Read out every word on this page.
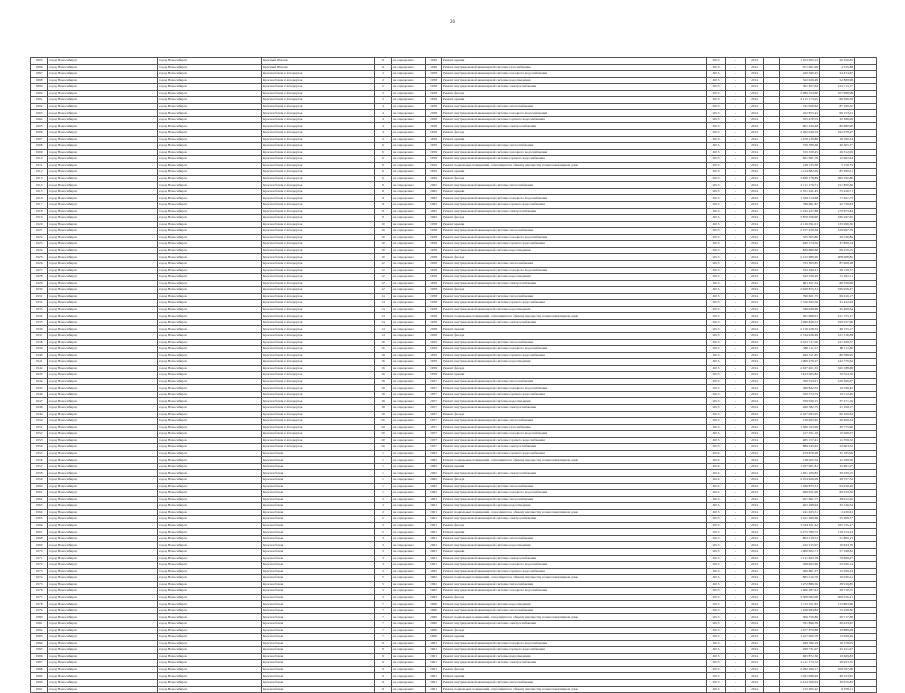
26
1895	город Новосибирск	город Новосибирск	Красный Яблоня	11	не определено	1949	Ремонт крыши	2013	-	2014		1 254 065,14	20 350,85	
1896	город Новосибирск	город Новосибирск	Красный Яблоня	11	не определено	1949	Ремонт внутридомовой инженерной системы газоснабжения	2013	-	2014		971 661,90	4 315,88	
1897	город Новосибирск	город Новосибирск	Краснообская 2-й переулок	2	не определено	1958	Ремонт внутридомовой инженерной системы холодного водоснабжения	2015	-	2014		160 590,45	24 474,67	
1898	город Новосибирск	город Новосибирск	Краснообская 2-й переулок	2	не определено	1958	Ремонт внутридомовой инженерной системы водоотведения	2015	-	2014		322 626,48	52 808,98	
1899	город Новосибирск	город Новосибирск	Краснообская 2-й переулок	2	не определено	1958	Ремонт внутридомовой инженерной системы электроснабжения	2015	-	2014		361 457,64	124 713,77	
1900	город Новосибирск	город Новосибирск	Краснообская 2-й переулок	2	не определено	1958	Ремонт фасада	2013	-	2014		2 089 554,60	107 998,98	
1901	город Новосибирск	город Новосибирск	Краснообская 2-й переулок	2	не определено	1958	Ремонт крыши	2013	-	2014		4 115 173,05	68 306,39	
1902	город Новосибирск	город Новосибирск	Краснообская 2-й переулок	4	не определено	1958	Ремонт внутридомовой инженерной системы теплоснабжения	2013	-	2014		741 926,62	87 106,22	
1903	город Новосибирск	город Новосибирск	Краснообская 2-й переулок	4	не определено	1958	Ремонт внутридомовой инженерной системы холодного водоснабжения	2015	-	2014		162 853,43	98 153,01	
1904	город Новосибирск	город Новосибирск	Краснообская 2-й переулок	4	не определено	1958	Ремонт внутридомовой инженерной системы горячего водоснабжения	2015	-	2014		325 470,55	32 386,06	
1905	город Новосибирск	город Новосибирск	Краснообская 2-й переулок	4	не определено	1958	Ремонт внутридомовой инженерной системы электроснабжения	2015	-	2014		961 220,48	86 686,90	
1906	город Новосибирск	город Новосибирск	Краснообская 2-й переулок	4	не определено	1958	Ремонт фасада	2013	-	2014		2 262 049,19	192 079,47	
1907	город Новосибирск	город Новосибирск	Краснообская 2-й переулок	4	не определено	1958	Ремонт крыши	2013	-	2014		1 479 139,80	18 700,54	
1908	город Новосибирск	город Новосибирск	Краснообская 2-й переулок	6	не определено	1959	Ремонт внутридомовой инженерной системы теплоснабжения	2015	-	2014		720 789,66	49 305,77	
1909	город Новосибирск	город Новосибирск	Краснообская 2-й переулок	6	не определено	1959	Ремонт внутридомовой инженерной системы холодного водоснабжения	2015	-	2014		315 330,45	26 512,09	
1910	город Новосибирск	город Новосибирск	Краснообская 2-й переулок	6	не определено	1959	Ремонт внутридомовой инженерной системы горячего водоснабжения	2015	-	2014		491 091,79	12 962,44	
1911	город Новосибирск	город Новосибирск	Краснообская 2-й переулок	6	не определено	1959	Ремонт подвальных помещений, относящихся к общему имуществу в многоквартирном доме	2015	-	2014		148 135,38	5 158,73	
1912	город Новосибирск	город Новосибирск	Краснообская 2-й переулок	6	не определено	1959	Ремонт крыши	2013	-	2014		1 214 882,09	85 360,01	
1913	город Новосибирск	город Новосибирск	Краснообская 2-й переулок	6	не определено	1959	Ремонт фасада	2013	-	2014		3 836 178,89	269 192,89	
1914	город Новосибирск	город Новосибирск	Краснообская 2-й переулок	8	не определено	1962	Ремонт внутридомовой инженерной системы теплоснабжения	2015	-	2014		2 111 179,71	151 850,66	
1915	город Новосибирск	город Новосибирск	Краснообская 2-й переулок	8	не определено	1962	Ремонт крыши	2015	-	2014		2 551 241,43	75 226,71	
1916	город Новосибирск	город Новосибирск	Краснообская 2-й переулок	8	не определено	1962	Ремонт внутридомовой инженерной системы холодного водоснабжения	2015	-	2014		1 339 314,68	71 941,73	
1917	город Новосибирск	город Новосибирск	Краснообская 2-й переулок	8	не определено	1962	Ремонт внутридомовой инженерной системы горячего водоснабжения	2015	-	2014		796 661,87	42 736,63	
1918	город Новосибирск	город Новосибирск	Краснообская 2-й переулок	8	не определено	1962	Ремонт внутридомовой инженерной системы электроснабжения	2015	-	2014		2 192 227,88	170 673,84	
1919	город Новосибирск	город Новосибирск	Краснообская 2-й переулок	8	не определено	1962	Ремонт фасада	2015	-	2014		3 876 558,90	330 297,05	
1920	город Новосибирск	город Новосибирск	Краснообская 2-й переулок	10	не определено	1958	Ремонт крыши	2015	-	2014		4 116 591,01	133 296,56	
1921	город Новосибирск	город Новосибирск	Краснообская 2-й переулок	10	не определено	1958	Ремонт внутридомовой инженерной системы теплоснабжения	2015	-	2014		2 237 458,39	129 997,79	
1922	город Новосибирск	город Новосибирск	Краснообская 2-й переулок	10	не определено	1958	Ремонт внутридомовой инженерной системы холодного водоснабжения	2015	-	2014		325 305,86	26 536,80	
1923	город Новосибирск	город Новосибирск	Краснообская 2-й переулок	10	не определено	1958	Ремонт внутридомовой инженерной системы горячего водоснабжения	2015	-	2014		640 174,50	37 858,14	
1924	город Новосибирск	город Новосибирск	Краснообская 2-й переулок	10	не определено	1958	Ремонт внутридомовой инженерной системы водоотведения	2015	-	2014		826 880,66	69 470,15	
1925	город Новосибирск	город Новосибирск	Краснообская 2-й переулок	10	не определено	1958	Ремонт фасада	2015	-	2014		2 212 680,00	308 968,85	
1926	город Новосибирск	город Новосибирск	Краснообская 2-й переулок	12	не определено	1958	Ремонт внутридомовой инженерной системы теплоснабжения	2015	-	2014		755 363,85	87 008,58	
1927	город Новосибирск	город Новосибирск	Краснообская 2-й переулок	12	не определено	1958	Ремонт внутридомовой инженерной системы холодного водоснабжения	2015	-	2014		192 299,41	28 139,57	
1928	город Новосибирск	город Новосибирск	Краснообская 2-й переулок	12	не определено	1958	Ремонт внутридомовой инженерной системы водоотведения	2015	-	2014		342 256,49	31 262,11	
1929	город Новосибирск	город Новосибирск	Краснообская 2-й переулок	12	не определено	1958	Ремонт внутридомовой инженерной системы электроснабжения	2015	-	2014		961 811,34	89 358,08	
1930	город Новосибирск	город Новосибирск	Краснообская 2-й переулок	12	не определено	1958	Ремонт фасада	2015	-	2014		2 949 875,31	336 059,47	
1931	город Новосибирск	город Новосибирск	Краснообская 2-й переулок	14	не определено	1958	Ремонт внутридомовой инженерной системы теплоснабжения	2015	-	2014		790 001,73	69 610,17	
1932	город Новосибирск	город Новосибирск	Краснообская 2-й переулок	14	не определено	1958	Ремонт внутридомовой инженерной системы горячего водоснабжения	2015	-	2014		1 310 922,50	31 422,94	
1933	город Новосибирск	город Новосибирск	Краснообская 2-й переулок	14	не определено	1958	Ремонт внутридомовой инженерной системы водоотведения	2015	-	2014		346 948,69	45 408,64	
1934	город Новосибирск	город Новосибирск	Краснообская 2-й переулок	14	не определено	1958	Ремонт подвальных помещений, относящихся к общему имуществу в многоквартирном доме	2015	-	2014		561 998,91	121 753,17	
1935	город Новосибирск	город Новосибирск	Краснообская 2-й переулок	14	не определено	1958	Ремонт внутридомовой инженерной системы электроснабжения	2015	-	2014		1 090 826,53	259 357,96	
1936	город Новосибирск	город Новосибирск	Краснообская 2-й переулок	14	не определено	1958	Ремонт крыши	2015	-	2014		2 716 228,53	48 155,17	
1937	город Новосибирск	город Новосибирск	Краснообская 2-й переулок	14	не определено	1958	Ремонт фасада	2015	-	2014		2 744 026,49	121 516,38	
1938	город Новосибирск	город Новосибирск	Краснообская 2-й переулок	16	не определено	1959	Ремонт внутридомовой инженерной системы теплоснабжения	2015	-	2014		2 103 717,00	121 959,37	
1939	город Новосибирск	город Новосибирск	Краснообская 2-й переулок	16	не определено	1959	Ремонт внутридомовой инженерной системы холодного водоснабжения	2015	-	2014		380 111,57	80 111,66	
1940	город Новосибирск	город Новосибирск	Краснообская 2-й переулок	16	не определено	1959	Ремонт внутридомовой инженерной системы горячего водоснабжения	2015	-	2014		640 511,85	86 586,95	
1941	город Новосибирск	город Новосибирск	Краснообская 2-й переулок	16	не определено	1959	Ремонт внутридомовой инженерной системы водоотведения	2015	-	2014		1 906 279,27	143 770,62	
1942	город Новосибирск	город Новосибирск	Краснообская 2-й переулок	16	не определено	1959	Ремонт фасада	2015	-	2014		2 637 401,35	160 188,68	
1943	город Новосибирск	город Новосибирск	Краснообская 2-й переулок	16	не определено	1959	Ремонт крыши	2015	-	2014		1 613 005,82	76 324,76	
1944	город Новосибирск	город Новосибирск	Краснообская 2-й переулок	18	не определено	1957	Ремонт внутридомовой инженерной системы теплоснабжения	2015	-	2014		700 554,21	126 369,07	
1945	город Новосибирск	город Новосибирск	Краснообская 2-й переулок	18	не определено	1957	Ремонт внутридомовой инженерной системы холодного водоснабжения	2015	-	2014		596 842,32	19 798,42	
1946	город Новосибирск	город Новосибирск	Краснообская 2-й переулок	18	не определено	1957	Ремонт внутридомовой инженерной системы горячего водоснабжения	2015	-	2014		520 574,74	19 512,49	
1947	город Новосибирск	город Новосибирск	Краснообская 2-й переулок	18	не определено	1957	Ремонт внутридомовой инженерной системы водоотведения	2015	-	2014		359 930,15	37 271,19	
1948	город Новосибирск	город Новосибирск	Краснообская 2-й переулок	18	не определено	1957	Ремонт внутридомовой инженерной системы электроснабжения	2015	-	2014		490 582,75	21 106,17	
1949	город Новосибирск	город Новосибирск	Краснообская 2-й переулок	18	не определено	1957	Ремонт фасада	2015	-	2014		2 107 093,05	66 106,64	
1950	город Новосибирск	город Новосибирск	Краснообская 2-й переулок	20	не определено	1957	Ремонт внутридомовой инженерной системы теплоснабжения	2015	-	2014		126 465,65	29 469,54	
1951	город Новосибирск	город Новосибирск	Краснообская 2-й переулок	20	не определено	1957	Ремонт внутридомовой инженерной системы газоснабжения	2015	-	2014		1 580 103,06	30 775,96	
1952	город Новосибирск	город Новосибирск	Краснообская 2-й переулок	20	не определено	1957	Ремонт внутридомовой инженерной системы холодного водоснабжения	2015	-	2014		127 351,19	15 508,27	
1953	город Новосибирск	город Новосибирск	Краснообская 2-й переулок	20	не определено	1957	Ремонт внутридомовой инженерной системы горячего водоснабжения	2015	-	2014		485 157,41	11 359,32	
1954	город Новосибирск	город Новосибирск	Краснообская 2-й переулок	20	не определено	1957	Ремонт внутридомовой инженерной системы электроснабжения	2015	-	2014		889 243,63	24 603,32	
1955	город Новосибирск	город Новосибирск	Краснообская	1	не определено	1962	Ремонт внутридомовой инженерной системы горячего водоснабжения	2014	-	2014		479 876,28	32 185,99	
1956	город Новосибирск	город Новосибирск	Краснообская	1	не определено	1962	Ремонт подвальных помещений, относящихся к общему имуществу в многоквартирном доме	2014	-	2014		138 505,54	12 168,56	
1957	город Новосибирск	город Новосибирск	Краснообская	1	не определено	1962	Ремонт крыши	2014	-	2014		1 037 901,81	33 661,07	
1958	город Новосибирск	город Новосибирск	Краснообская	1	не определено	1962	Ремонт внутридомовой инженерной системы электроснабжения	2014	-	2014		1 201 169,83	39 359,15	
1959	город Новосибирск	город Новосибирск	Краснообская	1	не определено	1962	Ремонт фасада	2014	-	2014		2 254 629,09	28 537,34	
1960	город Новосибирск	город Новосибирск	Краснообская	1	не определено	1962	Ремонт внутридомовой инженерной системы теплоснабжения	2014	-	2014		1 180 875,31	93 456,46	
1961	город Новосибирск	город Новосибирск	Краснообская	1	не определено	1962	Ремонт внутридомовой инженерной системы холодного водоснабжения	2014	-	2014		496 051,96	69 332,56	
1962	город Новосибирск	город Новосибирск	Краснообская	2	не определено	1961	Ремонт внутридомовой инженерной системы теплоснабжения	2015	-	2014		951 691,77	38 912,20	
1963	город Новосибирск	город Новосибирск	Краснообская	2	не определено	1961	Ремонт внутридомовой инженерной системы водоотведения	2015	-	2014		402 298,94	32 146,34	
1964	город Новосибирск	город Новосибирск	Краснообская	2	не определено	1961	Ремонт подвальных помещений, относящихся к общему имуществу в многоквартирном доме	2015	-	2014		241 625,31	2 439,61	
1965	город Новосибирск	город Новосибирск	Краснообская	2	не определено	1961	Ремонт внутридомовой инженерной системы электроснабжения	2015	-	2014		1 011 266,66	55 469,77	
1966	город Новосибирск	город Новосибирск	Краснообская	2	не определено	1961	Ремонт фасада	2015	-	2014		3 164 611,42	165 725,17	
1967	город Новосибирск	город Новосибирск	Краснообская	2	не определено	1961	Ремонт крыши	2015	-	2014		2 275 789,75	118 154,24	
1968	город Новосибирск	город Новосибирск	Краснообская	3	не определено	1961	Ремонт внутридомовой инженерной системы теплоснабжения	2015	-	2014		803 219,53	51 806,13	
1969	город Новосибирск	город Новосибирск	Краснообская	3	не определено	1961	Ремонт внутридомовой инженерной системы водоотведения	2015	-	2014		242 515,97	10 634,76	
1970	город Новосибирск	город Новосибирск	Краснообская	3	не определено	1961	Ремонт крыши	2015	-	2014		1 000 002,71	57 198,82	
1971	город Новосибирск	город Новосибирск	Краснообская	3	не определено	1961	Ремонт внутридомовой инженерной системы электроснабжения	2015	-	2014		1 131 403,78	79 608,07	
1972	город Новосибирск	город Новосибирск	Краснообская	3	не определено	1961	Ремонт внутридомовой инженерной системы холодного водоснабжения	2015	-	2014		399 695,69	52 630,14	
1973	город Новосибирск	город Новосибирск	Краснообская	5	не определено	1962	Ремонт внутридомовой инженерной системы горячего водоснабжения	2015	-	2014		566 861,37	15 208,34	
1974	город Новосибирск	город Новосибирск	Краснообская	5	не определено	1962	Ремонт подвальных помещений, относящихся к общему имуществу в многоквартирном доме	2015	-	2014		865 216,76	16 036,21	
1975	город Новосибирск	город Новосибирск	Краснообская	5	не определено	1962	Ремонт внутридомовой инженерной системы теплоснабжения	2015	-	2014		1 272 886,50	38 916,85	
1976	город Новосибирск	город Новосибирск	Краснообская	5	не определено	1962	Ремонт внутридомовой инженерной системы холодного водоснабжения	2015	-	2014		1 460 287,61	28 710,75	
1977	город Новосибирск	город Новосибирск	Краснообская	5	не определено	1962	Ремонт фасада	2015	-	2014		3 508 082,08	206 016,21	
1978	город Новосибирск	город Новосибирск	Краснообская	7	не определено	1960	Ремонт внутридомовой инженерной системы водоотведения	2015	-	2014		1 115 011,83	113 803,66	
1979	город Новосибирск	город Новосибирск	Краснообская	7	не определено	1960	Ремонт внутридомовой инженерной системы теплоснабжения	2015	-	2014		1 186 984,84	72 458,30	
1980	город Новосибирск	город Новосибирск	Краснообская	7	не определено	1960	Ремонт подвальных помещений, относящихся к общему имуществу в многоквартирном доме	2015	-	2014		306 750,86	29 717,68	
1981	город Новосибирск	город Новосибирск	Краснообская	7	не определено	1960	Ремонт внутридомовой инженерной системы электроснабжения	2015	-	2014		761 896,39	28 433,67	
1982	город Новосибирск	город Новосибирск	Краснообская	7	не определено	1960	Ремонт фасада	2015	-	2014		1 677 879,88	19 888,08	
1983	город Новосибирск	город Новосибирск	Краснообская	7	не определено	1960	Ремонт крыши	2015	-	2014		1 227 000,78	13 658,49	
1984	город Новосибирск	город Новосибирск	Краснообская	9	не определено	1961	Ремонт внутридомовой инженерной системы холодного водоснабжения	2015	-	2014		949 780,19	16 378,05	
1985	город Новосибирск	город Новосибирск	Краснообская	9	не определено	1961	Ремонт внутридомовой инженерной системы горячего водоснабжения	2015	-	2014		299 731,07	25 411,07	
1986	город Новосибирск	город Новосибирск	Краснообская	9	не определено	1961	Ремонт внутридомовой инженерной системы водоотведения	2015	-	2014		665 872,30	19 669,83	
1987	город Новосибирск	город Новосибирск	Краснообская	9	не определено	1961	Ремонт внутридомовой инженерной системы электроснабжения	2015	-	2014		2 111 173,72	29 033,35	
1988	город Новосибирск	город Новосибирск	Краснообская	9	не определено	1961	Ремонт фасада	2015	-	2014		2 282 296,17	108 507,68	
1989	город Новосибирск	город Новосибирск	Краснообская	9	не определено	1961	Ремонт крыши	2015	-	2014		1 041 098,49	48 123,95	
1990	город Новосибирск	город Новосибирск	Краснообская	11	не определено	1961	Ремонт внутридомовой инженерной системы теплоснабжения	2015	-	2014		2 414 506,24	30 076,83	
1991	город Новосибирск	город Новосибирск	Краснообская	11	не определено	1961	Ремонт подвальных помещений, относящихся к общему имуществу в многоквартирном доме	2015	-	2014		125 565,22	6 978,11	
